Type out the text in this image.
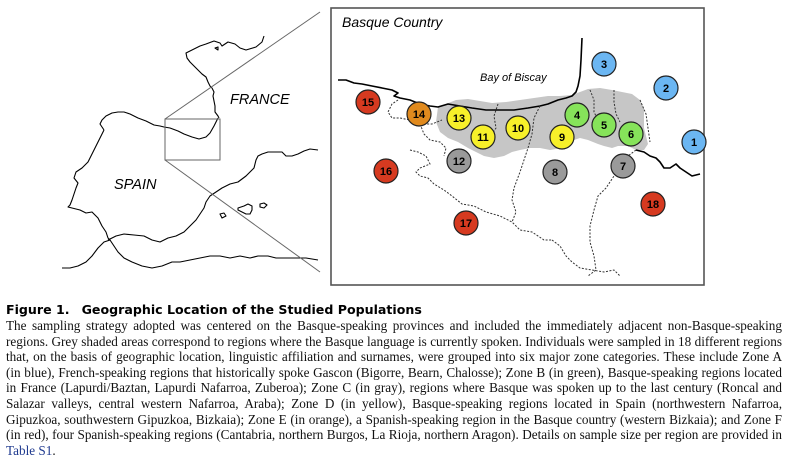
FRANCE
SPAIN
Basque Country
Bay of Biscay
1
2
3
4
5
6
7
8
9
10
11
12
13
14
15
16
17
18
Figure 1. Geographic Location of the Studied Populations
The sampling strategy adopted was centered on the Basque-speaking provinces and included the immediately adjacent non-Basque-speaking regions. Grey shaded areas correspond to regions where the Basque language is currently spoken. Individuals were sampled in 18 different regions that, on the basis of geographic location, linguistic affiliation and surnames, were grouped into six major zone categories. These include Zone A (in blue), French-speaking regions that historically spoke Gascon (Bigorre, Bearn, Chalosse); Zone B (in green), Basque-speaking regions located in France (Lapurdi/Baztan, Lapurdi Nafarroa, Zuberoa); Zone C (in gray), regions where Basque was spoken up to the last century (Roncal and Salazar valleys, central western Nafarroa, Araba); Zone D (in yellow), Basque-speaking regions located in Spain (northwestern Nafarroa, Gipuzkoa, southwestern Gipuzkoa, Bizkaia); Zone E (in orange), a Spanish-speaking region in the Basque country (western Bizkaia); and Zone F (in red), four Spanish-speaking regions (Cantabria, northern Burgos, La Rioja, northern Aragon). Details on sample size per region are provided in Table S1.
